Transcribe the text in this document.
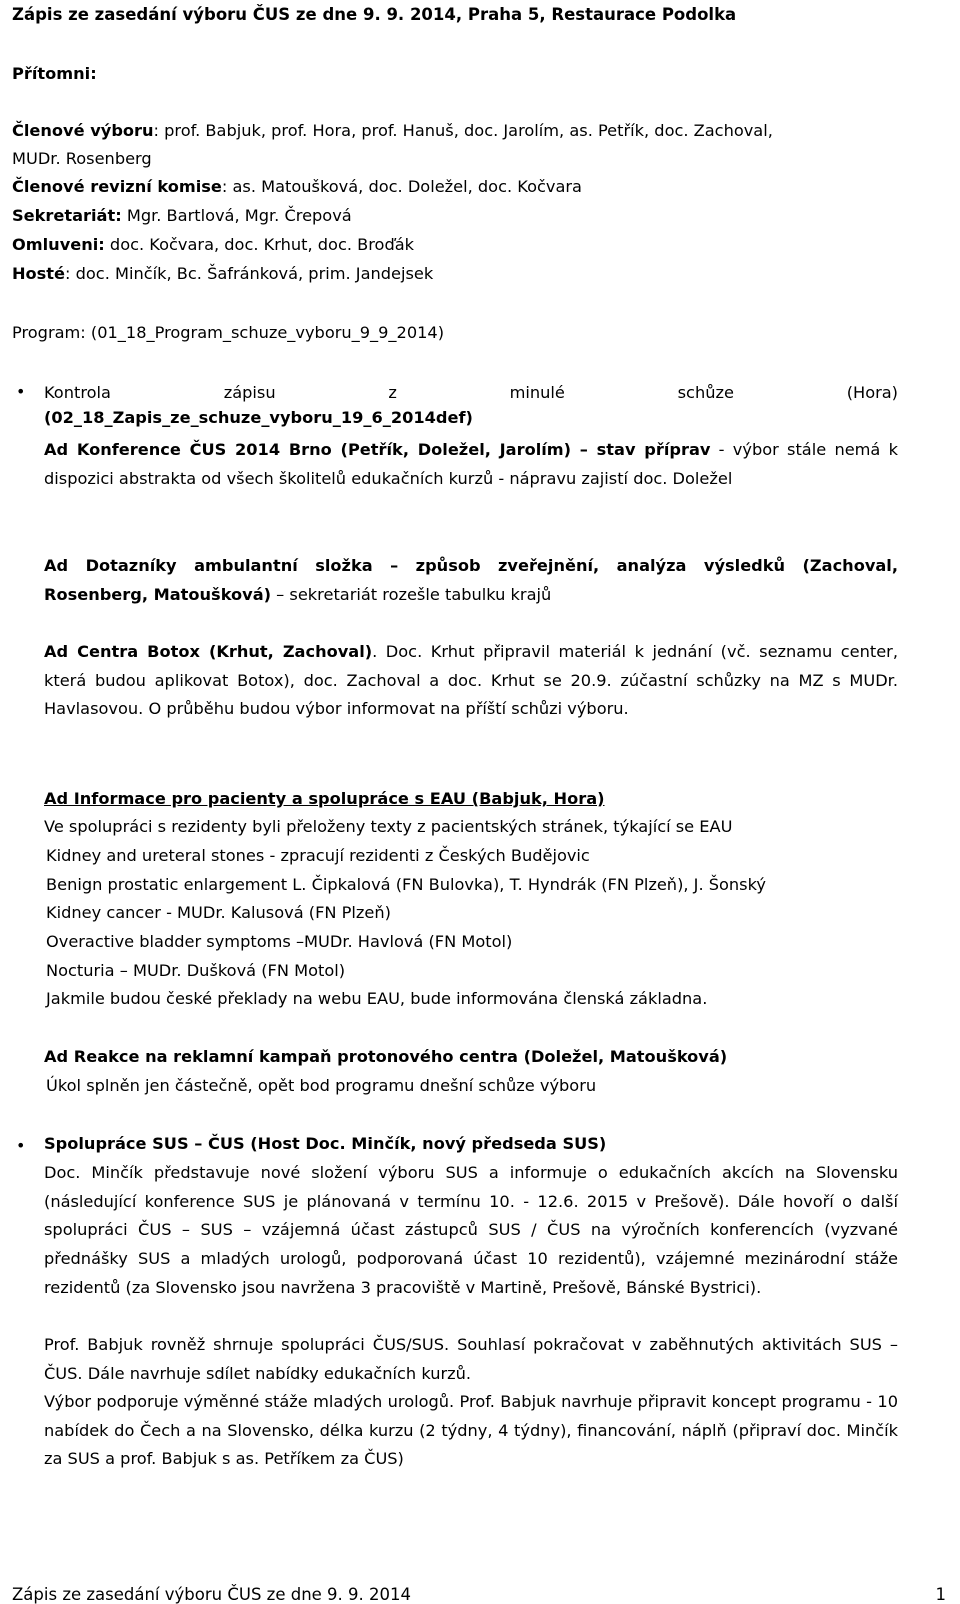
Zápis ze zasedání výboru ČUS ze dne 9. 9. 2014, Praha 5, Restaurace Podolka

Přítomni:

Členové výboru: prof. Babjuk, prof. Hora, prof. Hanuš, doc. Jarolím, as. Petřík, doc. Zachoval,

MUDr. Rosenberg

Členové revizní komise: as. Matoušková, doc. Doležel, doc. Kočvara

Sekretariát: Mgr. Bartlová, Mgr. Črepová

Omluveni: doc. Kočvara, doc. Krhut, doc. Broďák

Hosté: doc. Minčík, Bc. Šafránková, prim. Jandejsek

Program: (01_18_Program_schuze_vyboru_9_9_2014)

• Kontrola zápisu z minulé schůze (Hora)

(02_18_Zapis_ze_schuze_vyboru_19_6_2014def)

Ad Konference ČUS 2014 Brno (Petřík, Doležel, Jarolím) – stav příprav - výbor stále nemá k dispozici abstrakta od všech školitelů edukačních kurzů - nápravu zajistí doc. Doležel

Ad Dotazníky ambulantní složka – způsob zveřejnění, analýza výsledků (Zachoval, Rosenberg, Matoušková) – sekretariát rozešle tabulku krajů

Ad Centra Botox (Krhut, Zachoval). Doc. Krhut připravil materiál k jednání (vč. seznamu center, která budou aplikovat Botox), doc. Zachoval a doc. Krhut se 20.9. zúčastní schůzky na MZ s MUDr. Havlasovou. O průběhu budou výbor informovat na příští schůzi výboru.

Ad Informace pro pacienty a spolupráce s EAU (Babjuk, Hora)

Ve spolupráci s rezidenty byli přeloženy texty z pacientských stránek, týkající se EAU

Kidney and ureteral stones - zpracují rezidenti z Českých Budějovic

Benign prostatic enlargement L. Čipkalová (FN Bulovka), T. Hyndrák (FN Plzeň), J. Šonský

Kidney cancer - MUDr. Kalusová (FN Plzeň)

Overactive bladder symptoms –MUDr. Havlová (FN Motol)

Nocturia – MUDr. Dušková (FN Motol)

Jakmile budou české překlady na webu EAU, bude informována členská základna.

Ad Reakce na reklamní kampaň protonového centra (Doležel, Matoušková)

Úkol splněn jen částečně, opět bod programu dnešní schůze výboru

• Spolupráce SUS – ČUS (Host Doc. Minčík, nový předseda SUS)

Doc. Minčík představuje nové složení výboru SUS a informuje o edukačních akcích na Slovensku (následující konference SUS je plánovaná v termínu 10. - 12.6. 2015 v Prešově). Dále hovoří o další spolupráci ČUS – SUS – vzájemná účast zástupců SUS / ČUS na výročních konferencích (vyzvané přednášky SUS a mladých urologů, podporovaná účast 10 rezidentů), vzájemné mezinárodní stáže rezidentů (za Slovensko jsou navržena 3 pracoviště v Martině, Prešově, Bánské Bystrici).

Prof. Babjuk rovněž shrnuje spolupráci ČUS/SUS. Souhlasí pokračovat v zaběhnutých aktivitách SUS – ČUS. Dále navrhuje sdílet nabídky edukačních kurzů.

Výbor podporuje výměnné stáže mladých urologů. Prof. Babjuk navrhuje připravit koncept programu - 10 nabídek do Čech a na Slovensko, délka kurzu (2 týdny, 4 týdny), financování, náplň (připraví doc. Minčík za SUS a prof. Babjuk s as. Petříkem za ČUS)

Zápis ze zasedání výboru ČUS ze dne 9. 9. 2014	1
